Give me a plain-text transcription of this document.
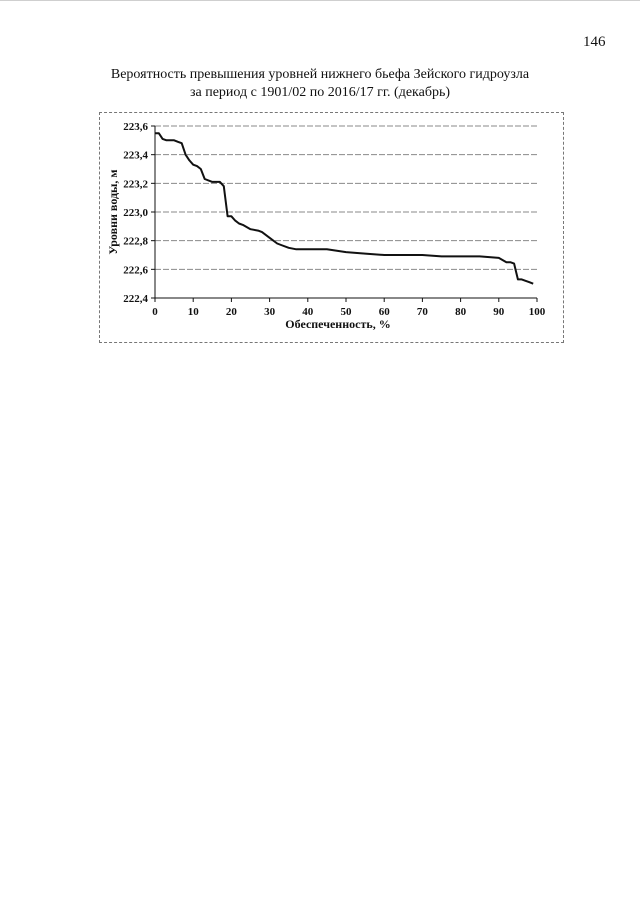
146
Вероятность превышения уровней нижнего бьефа Зейского гидроузла
за период с 1901/02 по 2016/17 гг. (декабрь)
222,4
222,6
222,8
223,0
223,2
223,4
223,6
0	10 20 30 40 50 60 70 80 90 100
Уровни воды, м
Обеспеченность, %
